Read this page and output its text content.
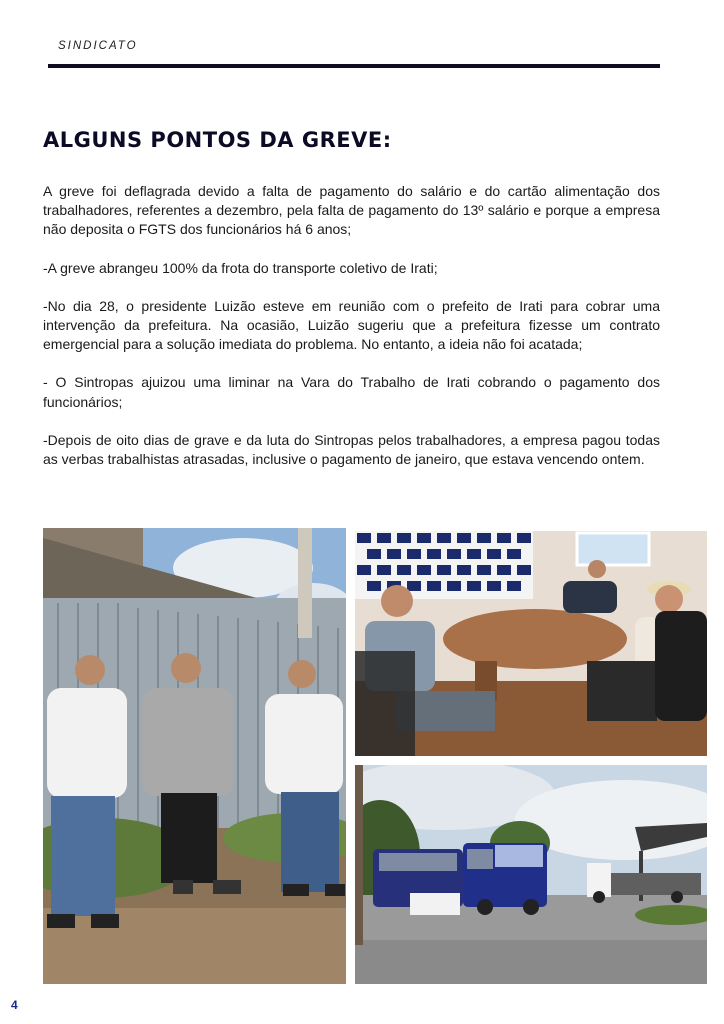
SINDICATO
ALGUNS PONTOS DA GREVE:

A greve foi deflagrada devido a falta de pagamento do salário e do cartão alimentação dos trabalhadores, referentes a dezembro, pela falta de pagamento do 13º salário e porque a empresa não deposita o FGTS dos funcionários há 6 anos;

-A greve abrangeu 100% da frota do transporte coletivo de Irati;

-No dia 28, o presidente Luizão esteve em reunião com o prefeito de Irati para cobrar uma intervenção da prefeitura. Na ocasião, Luizão sugeriu que a prefeitura fizesse um contrato emergencial para a solução imediata do problema. No entanto, a ideia não foi acatada;

- O Sintropas ajuizou uma liminar na Vara do Trabalho de Irati cobrando o pagamento dos funcionários;

-Depois de oito dias de grave e da luta do Sintropas pelos trabalhadores, a empresa pagou todas as verbas trabalhistas atrasadas, inclusive o pagamento de janeiro, que estava vencendo ontem.

4
